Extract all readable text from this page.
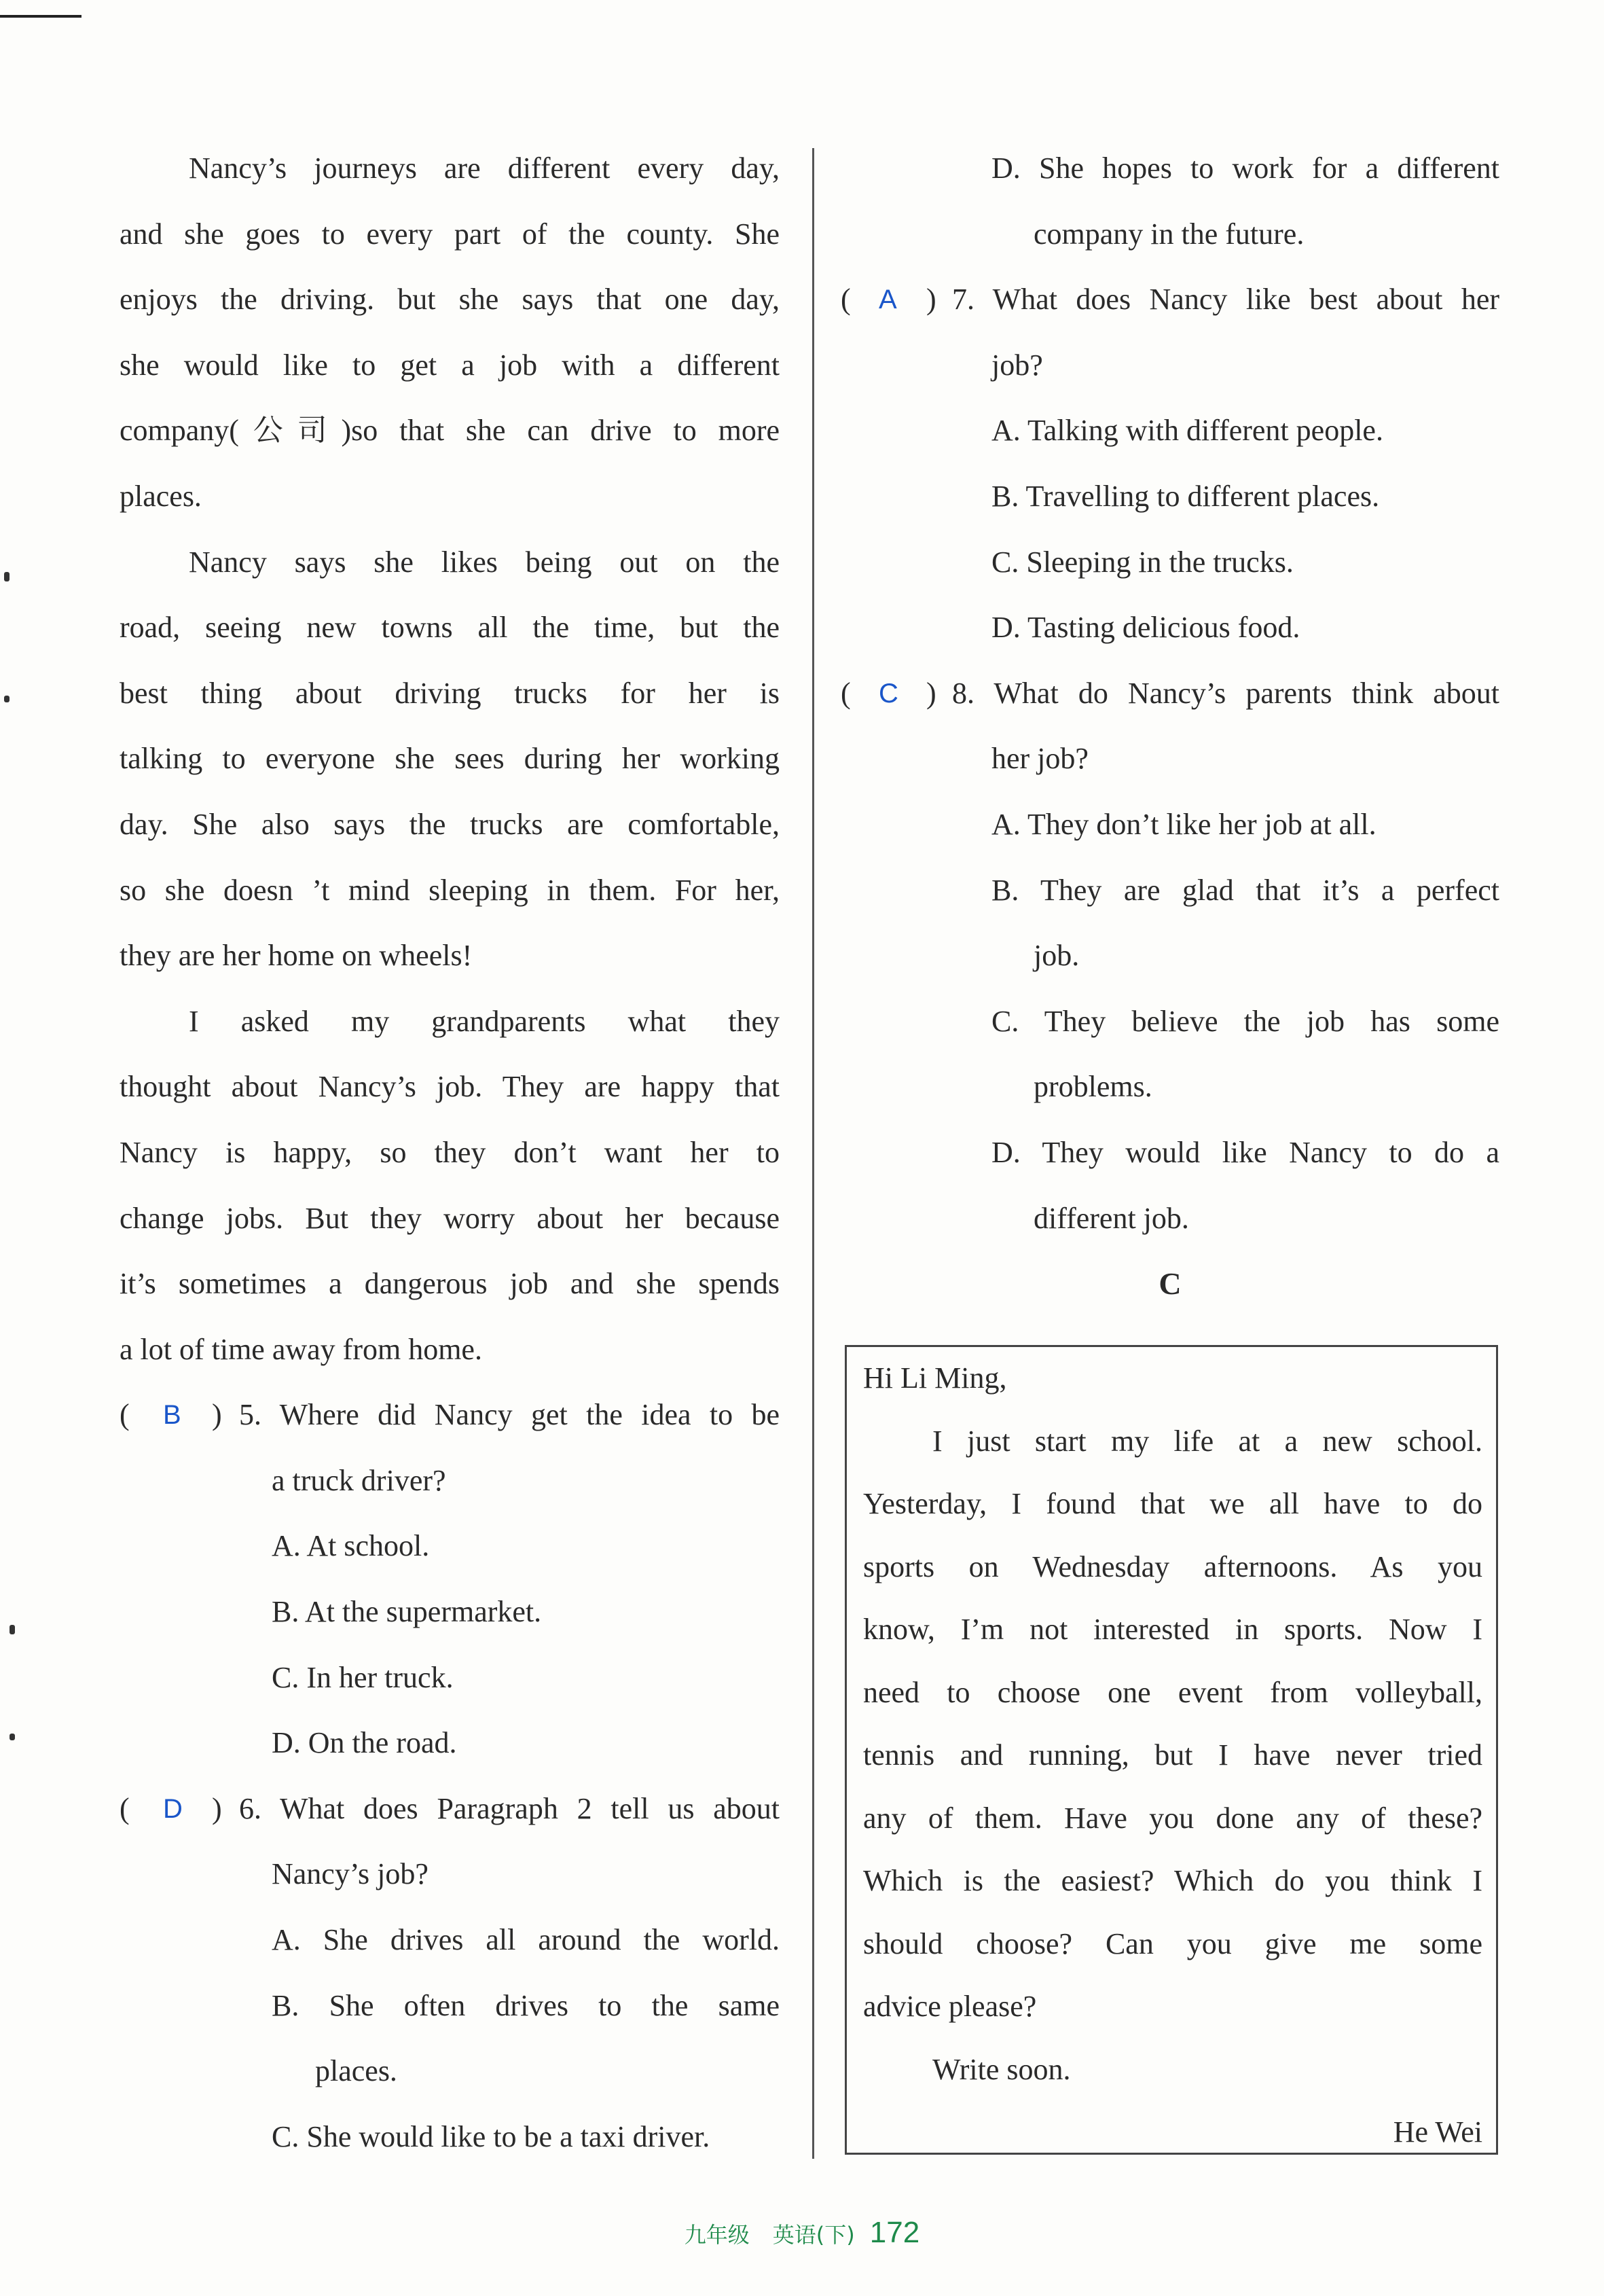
Nancy’s journeys are different every day,
and she goes to every part of the county. She
enjoys the driving. but she says that one day,
she would like to get a job with a different
company(公司)so that she can drive to more
places.
Nancy says she likes being out on the
road, seeing new towns all the time, but the
best thing about driving trucks for her is
talking to everyone she sees during her working
day. She also says the trucks are comfortable,
so she doesn ’t mind sleeping in them. For her,
they are her home on wheels!
I asked my grandparents what they
thought about Nancy’s job. They are happy that
Nancy is happy, so they don’t want her to
change jobs. But they worry about her because
it’s sometimes a dangerous job and she spends
a lot of time away from home.
( B ) 5. Where did Nancy get the idea to be
a truck driver?
A. At school.
B. At the supermarket.
C. In her truck.
D. On the road.
( D ) 6. What does Paragraph 2 tell us about
Nancy’s job?
A. She drives all around the world.
B. She often drives to the same
places.
C. She would like to be a taxi driver.
D. She hopes to work for a different
company in the future.
( A ) 7. What does Nancy like best about her
job?
A. Talking with different people.
B. Travelling to different places.
C. Sleeping in the trucks.
D. Tasting delicious food.
( C ) 8. What do Nancy’s parents think about
her job?
A. They don’t like her job at all.
B. They are glad that it’s a perfect
job.
C. They believe the job has some
problems.
D. They would like Nancy to do a
different job.
C
Hi Li Ming,
I just start my life at a new school.
Yesterday, I found that we all have to do
sports on Wednesday afternoons. As you
know, I’m not interested in sports. Now I
need to choose one event from volleyball,
tennis and running, but I have never tried
any of them. Have you done any of these?
Which is the easiest? Which do you think I
should choose? Can you give me some
advice please?
Write soon.
He Wei
九年级 英语(下) 172
